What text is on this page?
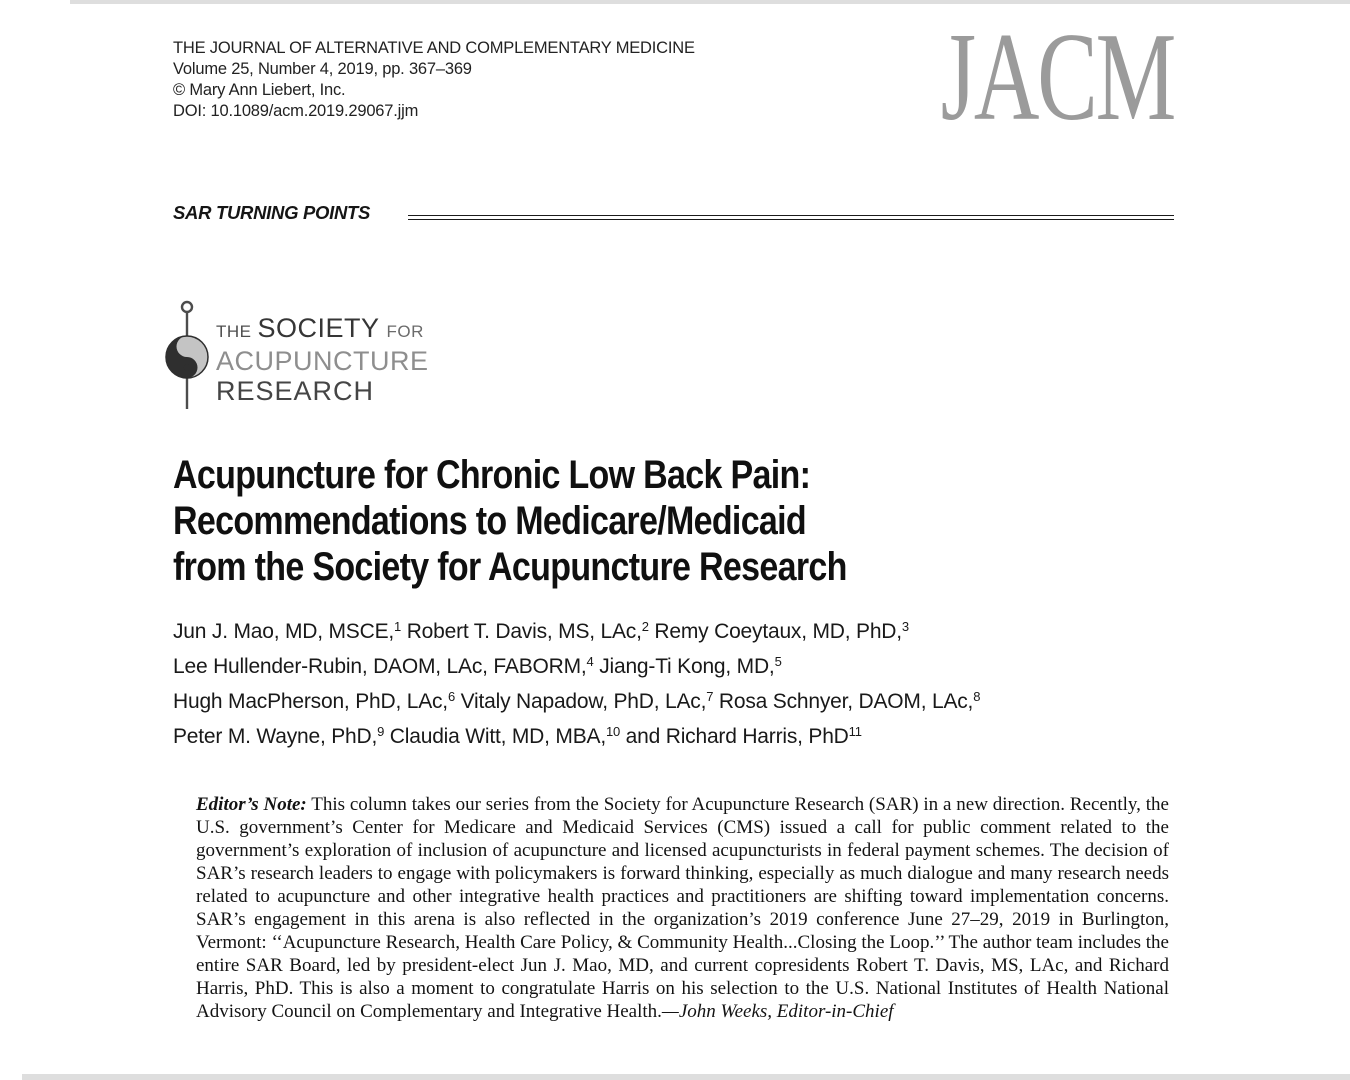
THE JOURNAL OF ALTERNATIVE AND COMPLEMENTARY MEDICINE
Volume 25, Number 4, 2019, pp. 367–369
© Mary Ann Liebert, Inc.
DOI: 10.1089/acm.2019.29067.jjm	JACM
SAR TURNING POINTS
THE SOCIETY FOR
ACUPUNCTURE
RESEARCH
Acupuncture for Chronic Low Back Pain:
Recommendations to Medicare/Medicaid
from the Society for Acupuncture Research
Jun J. Mao, MD, MSCE,$^1$ Robert T. Davis, MS, LAc,$^2$ Remy Coeytaux, MD, PhD,$^3$
Lee Hullender-Rubin, DAOM, LAc, FABORM,$^4$ Jiang-Ti Kong, MD,$^5$
Hugh MacPherson, PhD, LAc,$^6$ Vitaly Napadow, PhD, LAc,$^7$ Rosa Schnyer, DAOM, LAc,$^8$
Peter M. Wayne, PhD,$^9$ Claudia Witt, MD, MBA,$^{10}$ and Richard Harris, PhD$^{11}$

Editor’s Note: This column takes our series from the Society for Acupuncture Research (SAR) in a new direction. Recently, the U.S. government’s Center for Medicare and Medicaid Services (CMS) issued a call for public comment related to the government’s exploration of inclusion of acupuncture and licensed acupuncturists in federal payment schemes. The decision of SAR’s research leaders to engage with policymakers is forward thinking, especially as much dialogue and many research needs related to acupuncture and other integrative health practices and practitioners are shifting toward implementation concerns. SAR’s engagement in this arena is also reflected in the organization’s 2019 conference June 27–29, 2019 in Burlington, Vermont: ‘‘Acupuncture Research, Health Care Policy, & Community Health...Closing the Loop.’’ The author team includes the entire SAR Board, led by president-elect Jun J. Mao, MD, and current copresidents Robert T. Davis, MS, LAc, and Richard Harris, PhD. This is also a moment to congratulate Harris on his selection to the U.S. National Institutes of Health National Advisory Council on Complementary and Integrative Health.—John Weeks, Editor-in-Chief
